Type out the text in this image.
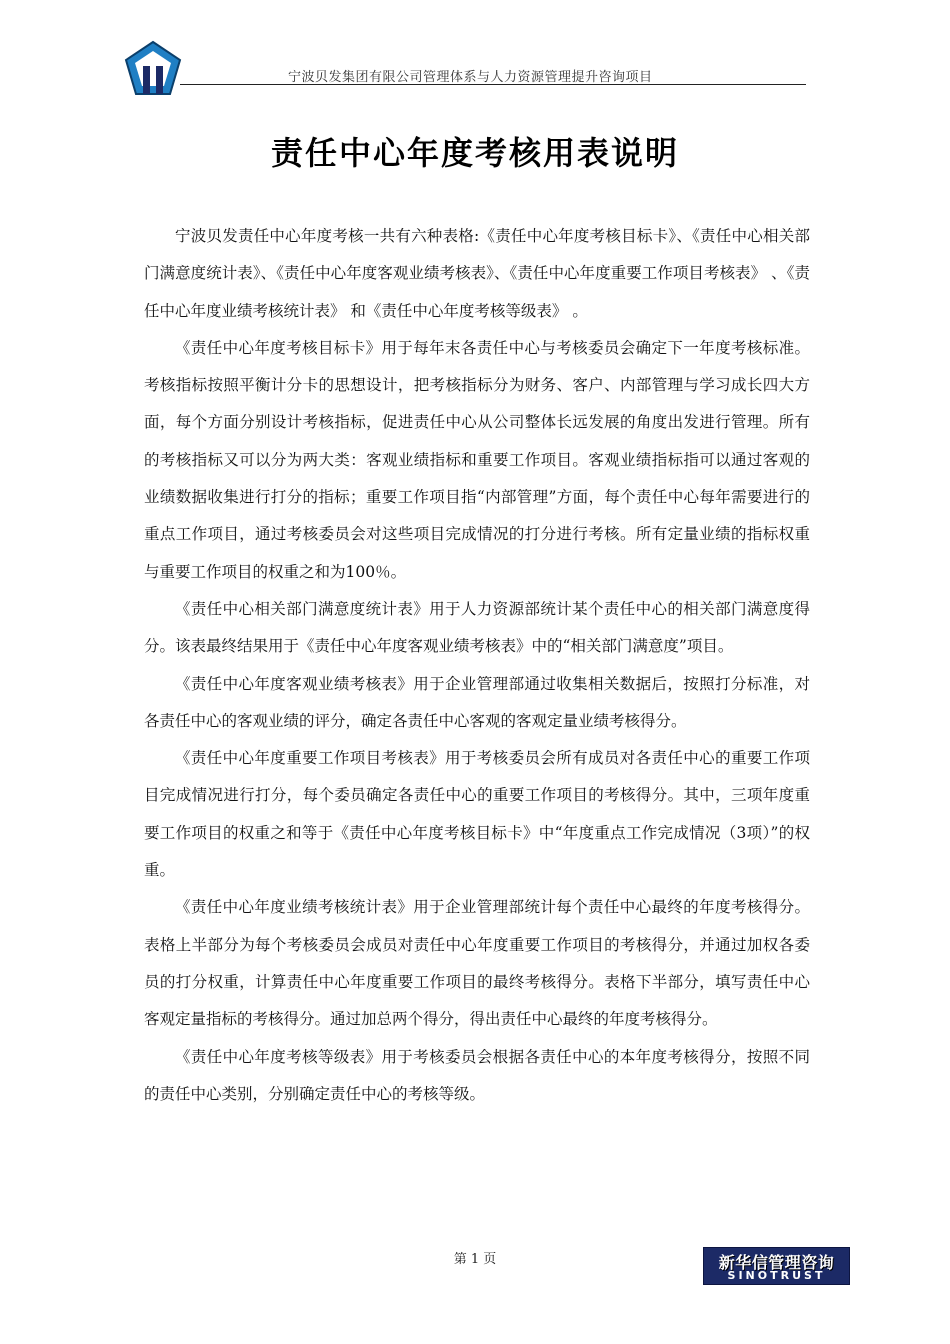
宁波贝发集团有限公司管理体系与人力资源管理提升咨询项目
责任中心年度考核用表说明

宁波贝发责任中心年度考核一共有六种表格:《责任中心年度考核目标卡》、《责任中心相关部门满意度统计表》、《责任中心年度客观业绩考核表》、《责任中心年度重要工作项目考核表》 、《责任中心年度业绩考核统计表》 和《责任中心年度考核等级表》 。

《责任中心年度考核目标卡》用于每年末各责任中心与考核委员会确定下一年度考核标准。考核指标按照平衡计分卡的思想设计，把考核指标分为财务、客户、内部管理与学习成长四大方面，每个方面分别设计考核指标，促进责任中心从公司整体长远发展的角度出发进行管理。所有的考核指标又可以分为两大类：客观业绩指标和重要工作项目。客观业绩指标指可以通过客观的业绩数据收集进行打分的指标；重要工作项目指“内部管理”方面，每个责任中心每年需要进行的重点工作项目，通过考核委员会对这些项目完成情况的打分进行考核。所有定量业绩的指标权重与重要工作项目的权重之和为100％。

《责任中心相关部门满意度统计表》用于人力资源部统计某个责任中心的相关部门满意度得分。该表最终结果用于《责任中心年度客观业绩考核表》中的“相关部门满意度”项目。

《责任中心年度客观业绩考核表》用于企业管理部通过收集相关数据后，按照打分标准，对各责任中心的客观业绩的评分，确定各责任中心客观的客观定量业绩考核得分。

《责任中心年度重要工作项目考核表》用于考核委员会所有成员对各责任中心的重要工作项目完成情况进行打分，每个委员确定各责任中心的重要工作项目的考核得分。其中，三项年度重要工作项目的权重之和等于《责任中心年度考核目标卡》中“年度重点工作完成情况（3项）”的权重。

《责任中心年度业绩考核统计表》用于企业管理部统计每个责任中心最终的年度考核得分。表格上半部分为每个考核委员会成员对责任中心年度重要工作项目的考核得分，并通过加权各委员的打分权重，计算责任中心年度重要工作项目的最终考核得分。表格下半部分，填写责任中心客观定量指标的考核得分。通过加总两个得分，得出责任中心最终的年度考核得分。

《责任中心年度考核等级表》用于考核委员会根据各责任中心的本年度考核得分，按照不同的责任中心类别，分别确定责任中心的考核等级。

第 1 页	新华信管理咨询
SINOTRUST
